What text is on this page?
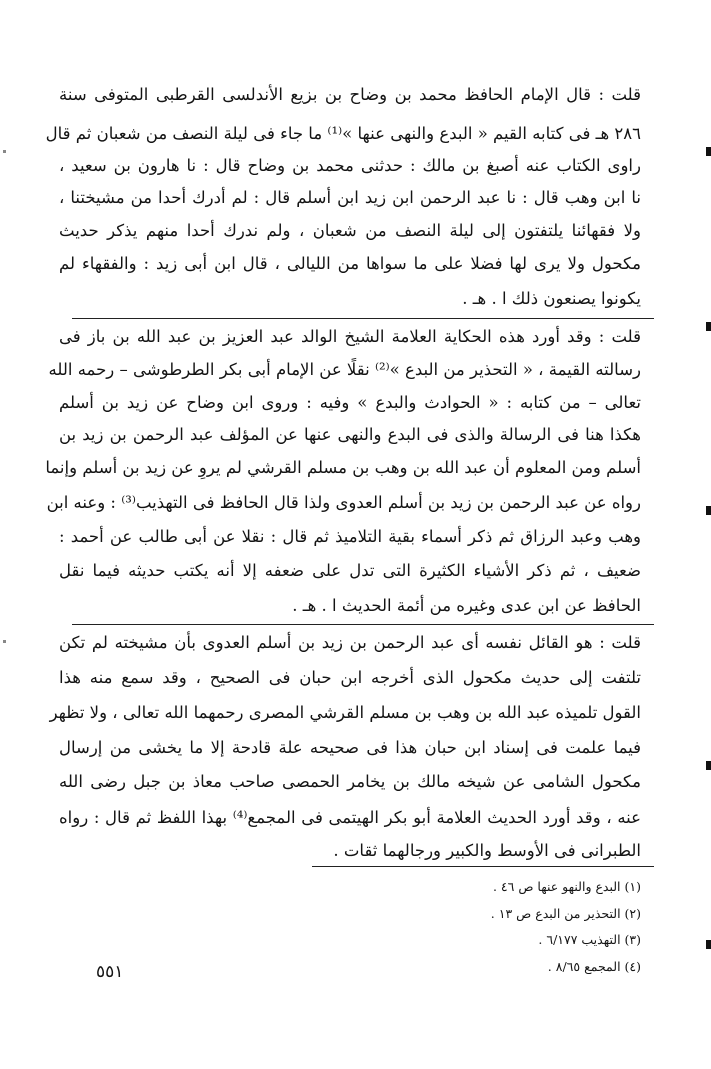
قلت : قال الإمام الحافظ محمد بن وضاح بن بزيع الأندلسى القرطبى المتوفى سنة
٢٨٦ هـ فى كتابه القيم « البدع والنهى عنها »⁽¹⁾ ما جاء فى ليلة النصف من شعبان ثم قال
راوى الكتاب عنه أصبغ بن مالك : حدثنى محمد بن وضاح قال : نا هارون بن سعيد ،
نا ابن وهب قال : نا عبد الرحمن ابن زيد ابن أسلم قال : لم أدرك أحدا من مشيختنا ،
ولا فقهائنا يلتفتون إلى ليلة النصف من شعبان ، ولم ندرك أحدا منهم يذكر حديث
مكحول ولا يرى لها فضلا على ما سواها من الليالى ، قال ابن أبى زيد : والفقهاء لم
يكونوا يصنعون ذلك ا . هـ .
قلت : وقد أورد هذه الحكاية العلامة الشيخ الوالد عبد العزيز بن عبد الله بن باز فى
رسالته القيمة ، « التحذير من البدع »⁽²⁾ نقلًا عن الإمام أبى بكر الطرطوشى – رحمه الله
تعالى – من كتابه : « الحوادث والبدع » وفيه : وروى ابن وضاح عن زيد بن أسلم
هكذا هنا فى الرسالة والذى فى البدع والنهى عنها عن المؤلف عبد الرحمن بن زيد بن
أسلم ومن المعلوم أن عبد الله بن وهب بن مسلم القرشي لم يروِ عن زيد بن أسلم وإنما
رواه عن عبد الرحمن بن زيد بن أسلم العدوى ولذا قال الحافظ فى التهذيب⁽³⁾ : وعنه ابن
وهب وعبد الرزاق ثم ذكر أسماء بقية التلاميذ ثم قال : نقلا عن أبى طالب عن أحمد :
ضعيف ، ثم ذكر الأشياء الكثيرة التى تدل على ضعفه إلا أنه يكتب حديثه فيما نقل
الحافظ عن ابن عدى وغيره من أئمة الحديث ا . هـ .
قلت : هو القائل نفسه أى عبد الرحمن بن زيد بن أسلم العدوى بأن مشيخته لم تكن
تلتفت إلى حديث مكحول الذى أخرجه ابن حبان فى الصحيح ، وقد سمع منه هذا
القول تلميذه عبد الله بن وهب بن مسلم القرشي المصرى رحمهما الله تعالى ، ولا تظهر
فيما علمت فى إسناد ابن حبان هذا فى صحيحه علة قادحة إلا ما يخشى من إرسال
مكحول الشامى عن شيخه مالك بن يخامر الحمصى صاحب معاذ بن جبل رضى الله
عنه ، وقد أورد الحديث العلامة أبو بكر الهيتمى فى المجمع⁽⁴⁾ بهذا اللفظ ثم قال : رواه
الطبرانى فى الأوسط والكبير ورجالهما ثقات .
(١) البدع والنهو عنها ص ٤٦ .
(٢) التحذير من البدع ص ١٣ .
(٣) التهذيب ٦/١٧٧ .
(٤) المجمع ٨/٦٥ .
٥٥١
